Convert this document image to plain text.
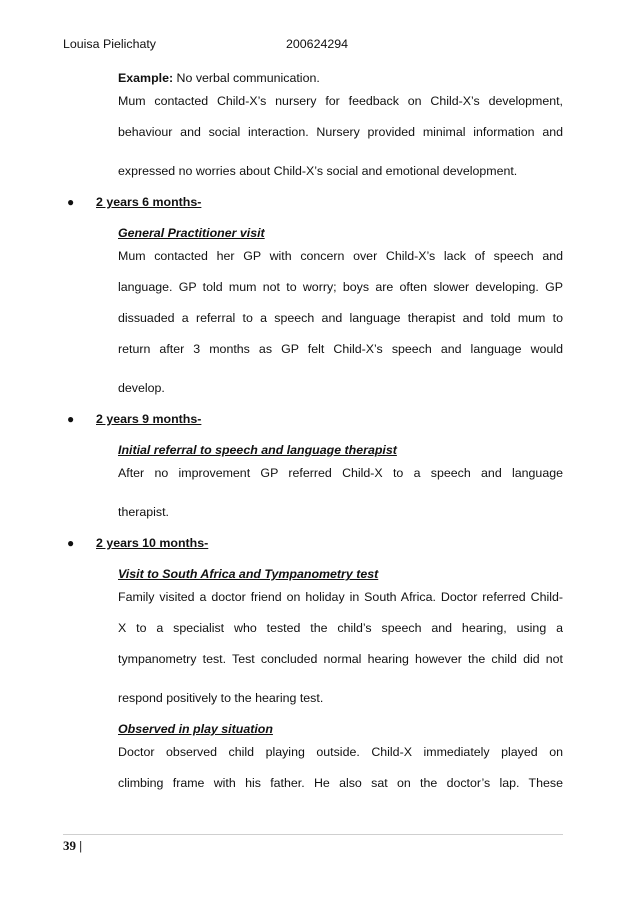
Louisa Pielichaty	200624294
Example: No verbal communication.
Mum contacted Child-X’s nursery for feedback on Child-X’s development,
behaviour and social interaction. Nursery provided minimal information and
expressed no worries about Child-X’s social and emotional development.
● 2 years 6 months-
General Practitioner visit
Mum contacted her GP with concern over Child-X’s lack of speech and
language. GP told mum not to worry; boys are often slower developing. GP
dissuaded a referral to a speech and language therapist and told mum to
return after 3 months as GP felt Child-X’s speech and language would
develop.
● 2 years 9 months-
Initial referral to speech and language therapist
After no improvement GP referred Child-X to a speech and language
therapist.
● 2 years 10 months-
Visit to South Africa and Tympanometry test
Family visited a doctor friend on holiday in South Africa. Doctor referred Child-
X to a specialist who tested the child’s speech and hearing, using a
tympanometry test. Test concluded normal hearing however the child did not
respond positively to the hearing test.
Observed in play situation
Doctor observed child playing outside. Child-X immediately played on
climbing frame with his father. He also sat on the doctor’s lap. These
39 |
